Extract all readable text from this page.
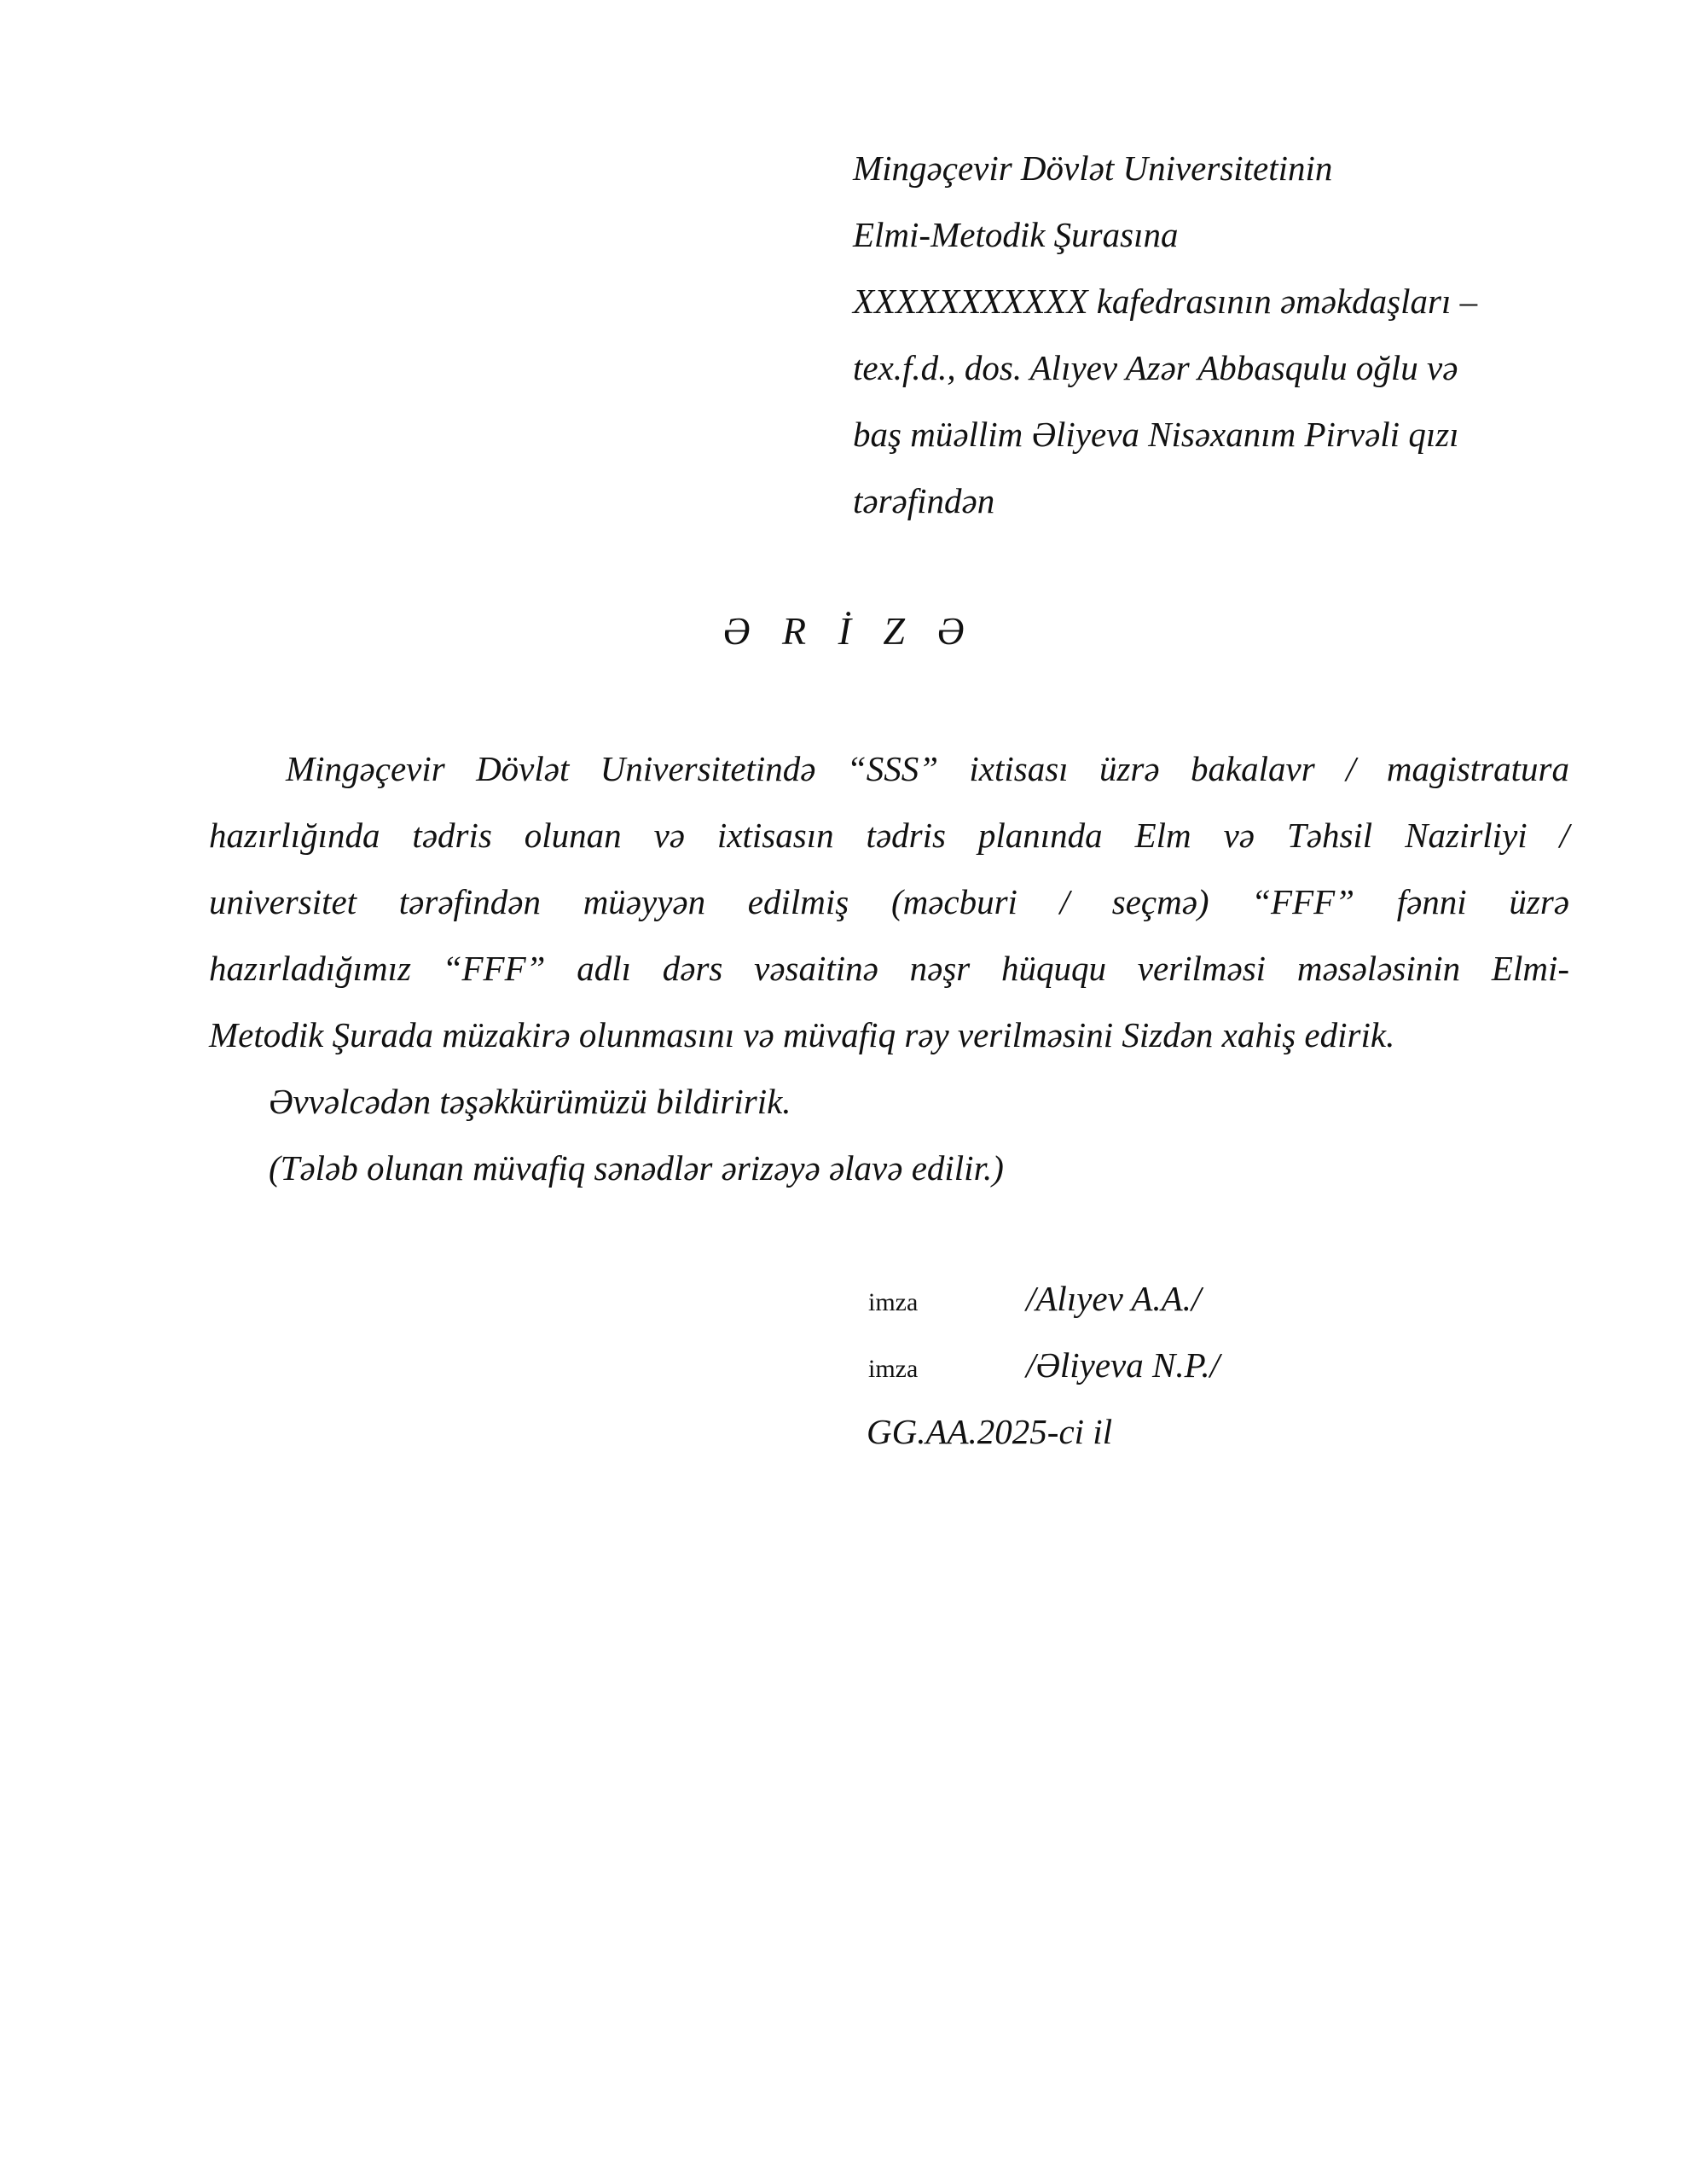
Mingəçevir Dövlət Universitetinin
Elmi-Metodik Şurasına
XXXXXXXXXXX kafedrasının əməkdaşları –
tex.f.d., dos. Alıyev Azər Abbasqulu oğlu və
baş müəllim Əliyeva Nisəxanım Pirvəli qızı
tərəfindən
Ə R İ Z Ə
Mingəçevir Dövlət Universitetində “SSS” ixtisası üzrə bakalavr / magistratura
hazırlığında tədris olunan və ixtisasın tədris planında Elm və Təhsil Nazirliyi /
universitet tərəfindən müəyyən edilmiş (məcburi / seçmə) “FFF” fənni üzrə
hazırladığımız “FFF” adlı dərs vəsaitinə nəşr hüququ verilməsi məsələsinin Elmi-
Metodik Şurada müzakirə olunmasını və müvafiq rəy verilməsini Sizdən xahiş edirik.

Əvvəlcədən təşəkkürümüzü bildiririk.

(Tələb olunan müvafiq sənədlər ərizəyə əlavə edilir.)

imza	/Alıyev A.A./
imza	/Əliyeva N.P./
GG.AA.2025-ci il
